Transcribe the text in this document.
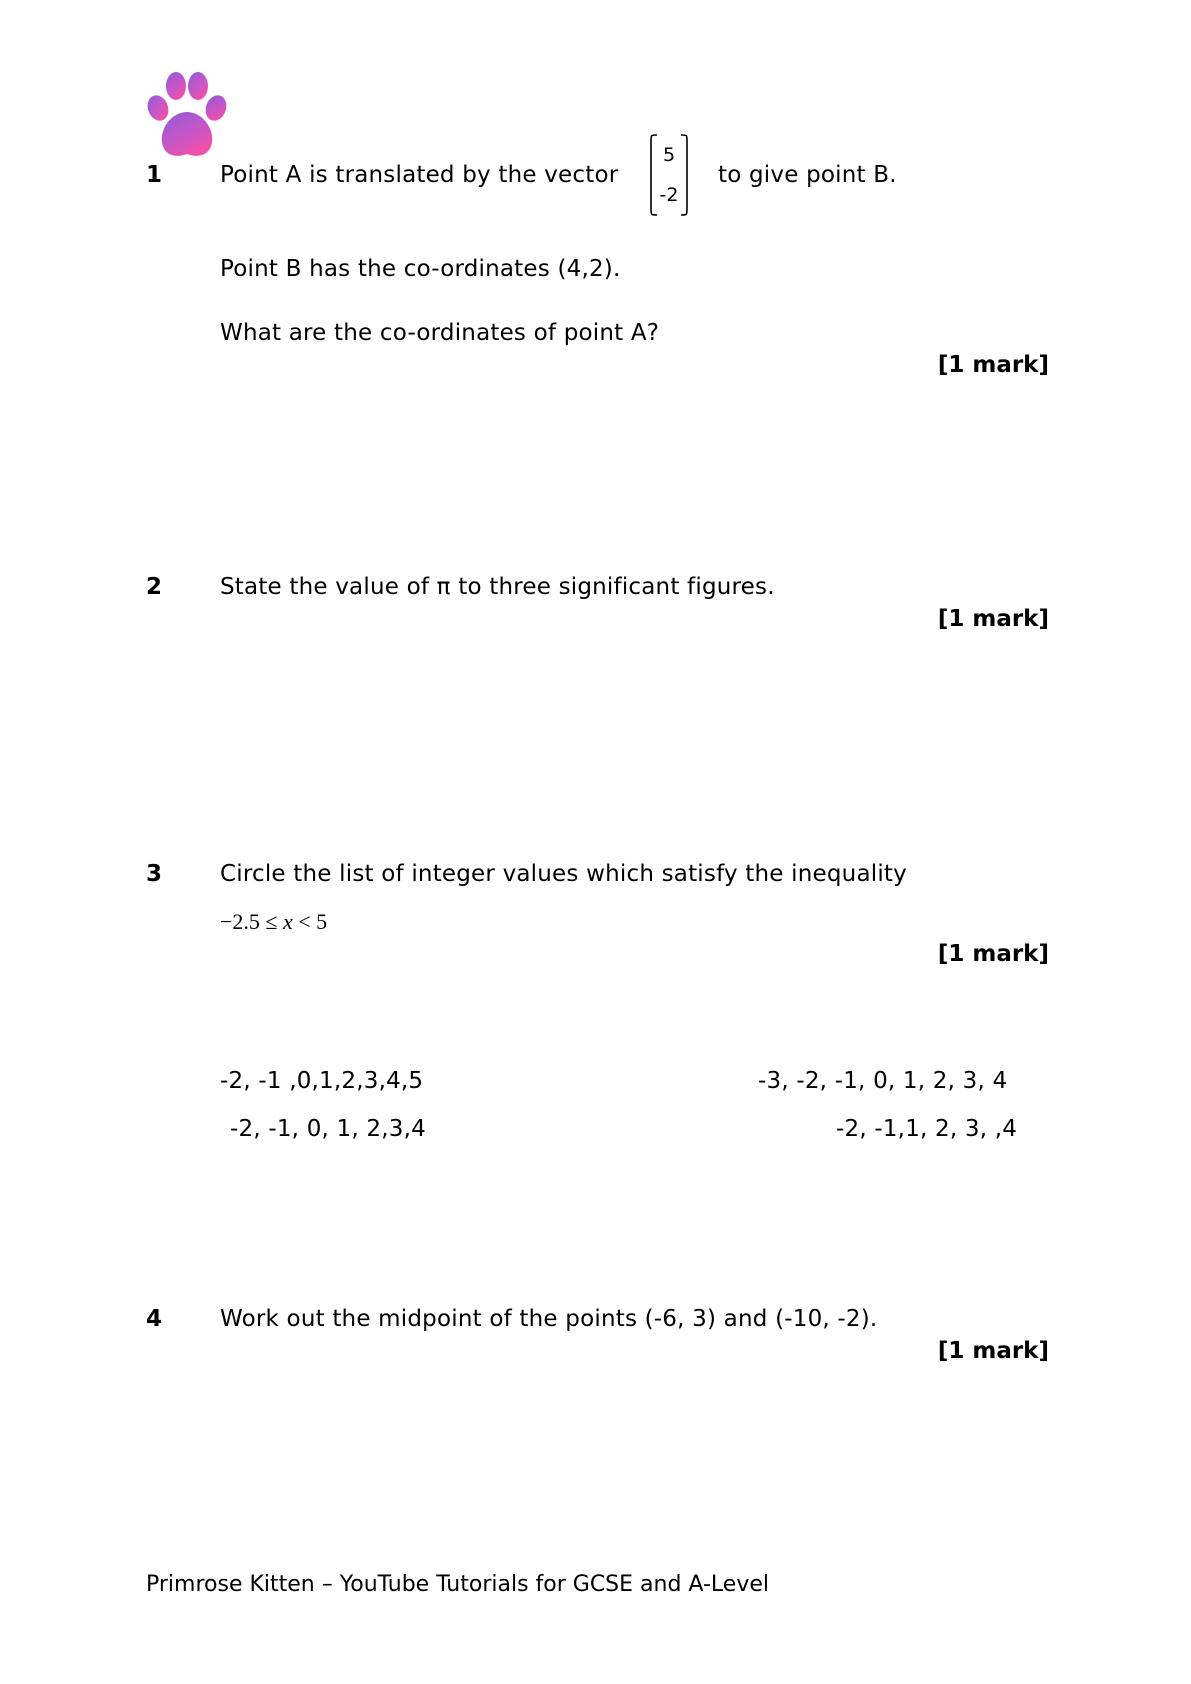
1	Point A is translated by the vector
5
-2
to give point B.
Point B has the co-ordinates (4,2).
What are the co-ordinates of point A?
[1 mark]
2	State the value of π to three significant figures.
[1 mark]
3	Circle the list of integer values which satisfy the inequality
−2.5 ≤ x < 5
[1 mark]
-2, -1 ,0,1,2,3,4,5	-3, -2, -1, 0, 1, 2, 3, 4
-2, -1, 0, 1, 2,3,4	-2, -1,1, 2, 3, ,4
4	Work out the midpoint of the points (-6, 3) and (-10, -2).
[1 mark]
Primrose Kitten – YouTube Tutorials for GCSE and A-Level
